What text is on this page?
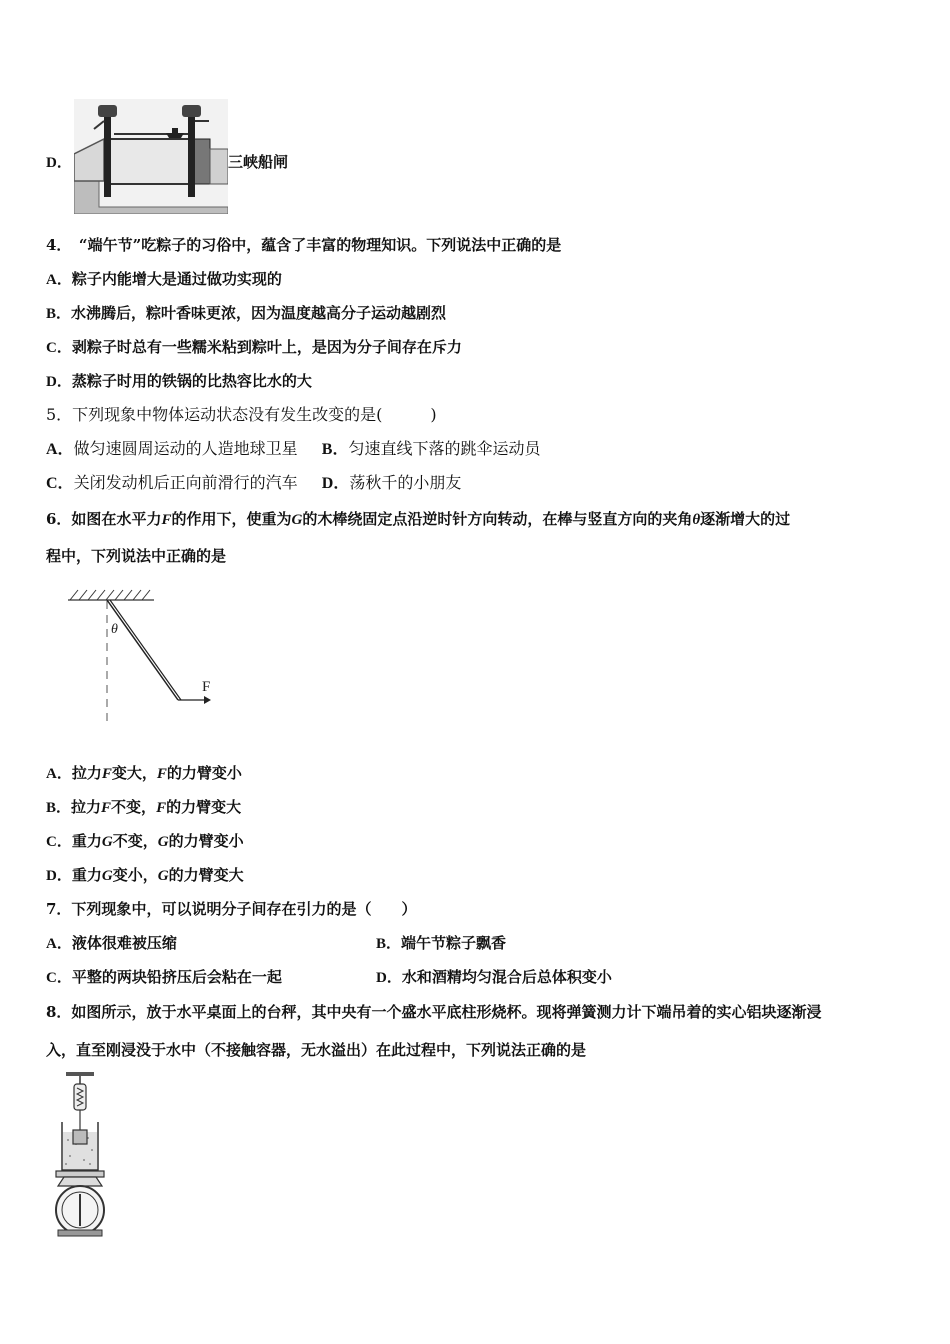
D．	三峡船闸
4．　“端午节”吃粽子的习俗中，蕴含了丰富的物理知识。下列说法中正确的是
A．粽子内能增大是通过做功实现的
B．水沸腾后，粽叶香味更浓，因为温度越高分子运动越剧烈
C．剥粽子时总有一些糯米粘到粽叶上，是因为分子间存在斥力
D．蒸粽子时用的铁锅的比热容比水的大
5．下列现象中物体运动状态没有发生改变的是(　　　)
A．做匀速圆周运动的人造地球卫星 B．匀速直线下落的跳伞运动员
C．关闭发动机后正向前滑行的汽车 D．荡秋千的小朋友
6．如图在水平力F的作用下，使重为G的木棒绕固定点沿逆时针方向转动，在棒与竖直方向的夹角θ逐渐增大的过
程中，下列说法中正确的是
θ
F
A．拉力F变大，F的力臂变小
B．拉力F不变，F的力臂变大
C．重力G不变，G的力臂变小
D．重力G变小，G的力臂变大
7．下列现象中，可以说明分子间存在引力的是（　　）
A．液体很难被压缩	B．端午节粽子飘香
C．平整的两块铅挤压后会粘在一起	D．水和酒精均匀混合后总体积变小
8．如图所示，放于水平桌面上的台秤，其中央有一个盛水平底柱形烧杯。现将弹簧测力计下端吊着的实心铝块逐渐浸
入，直至刚浸没于水中（不接触容器，无水溢出）在此过程中，下列说法正确的是
